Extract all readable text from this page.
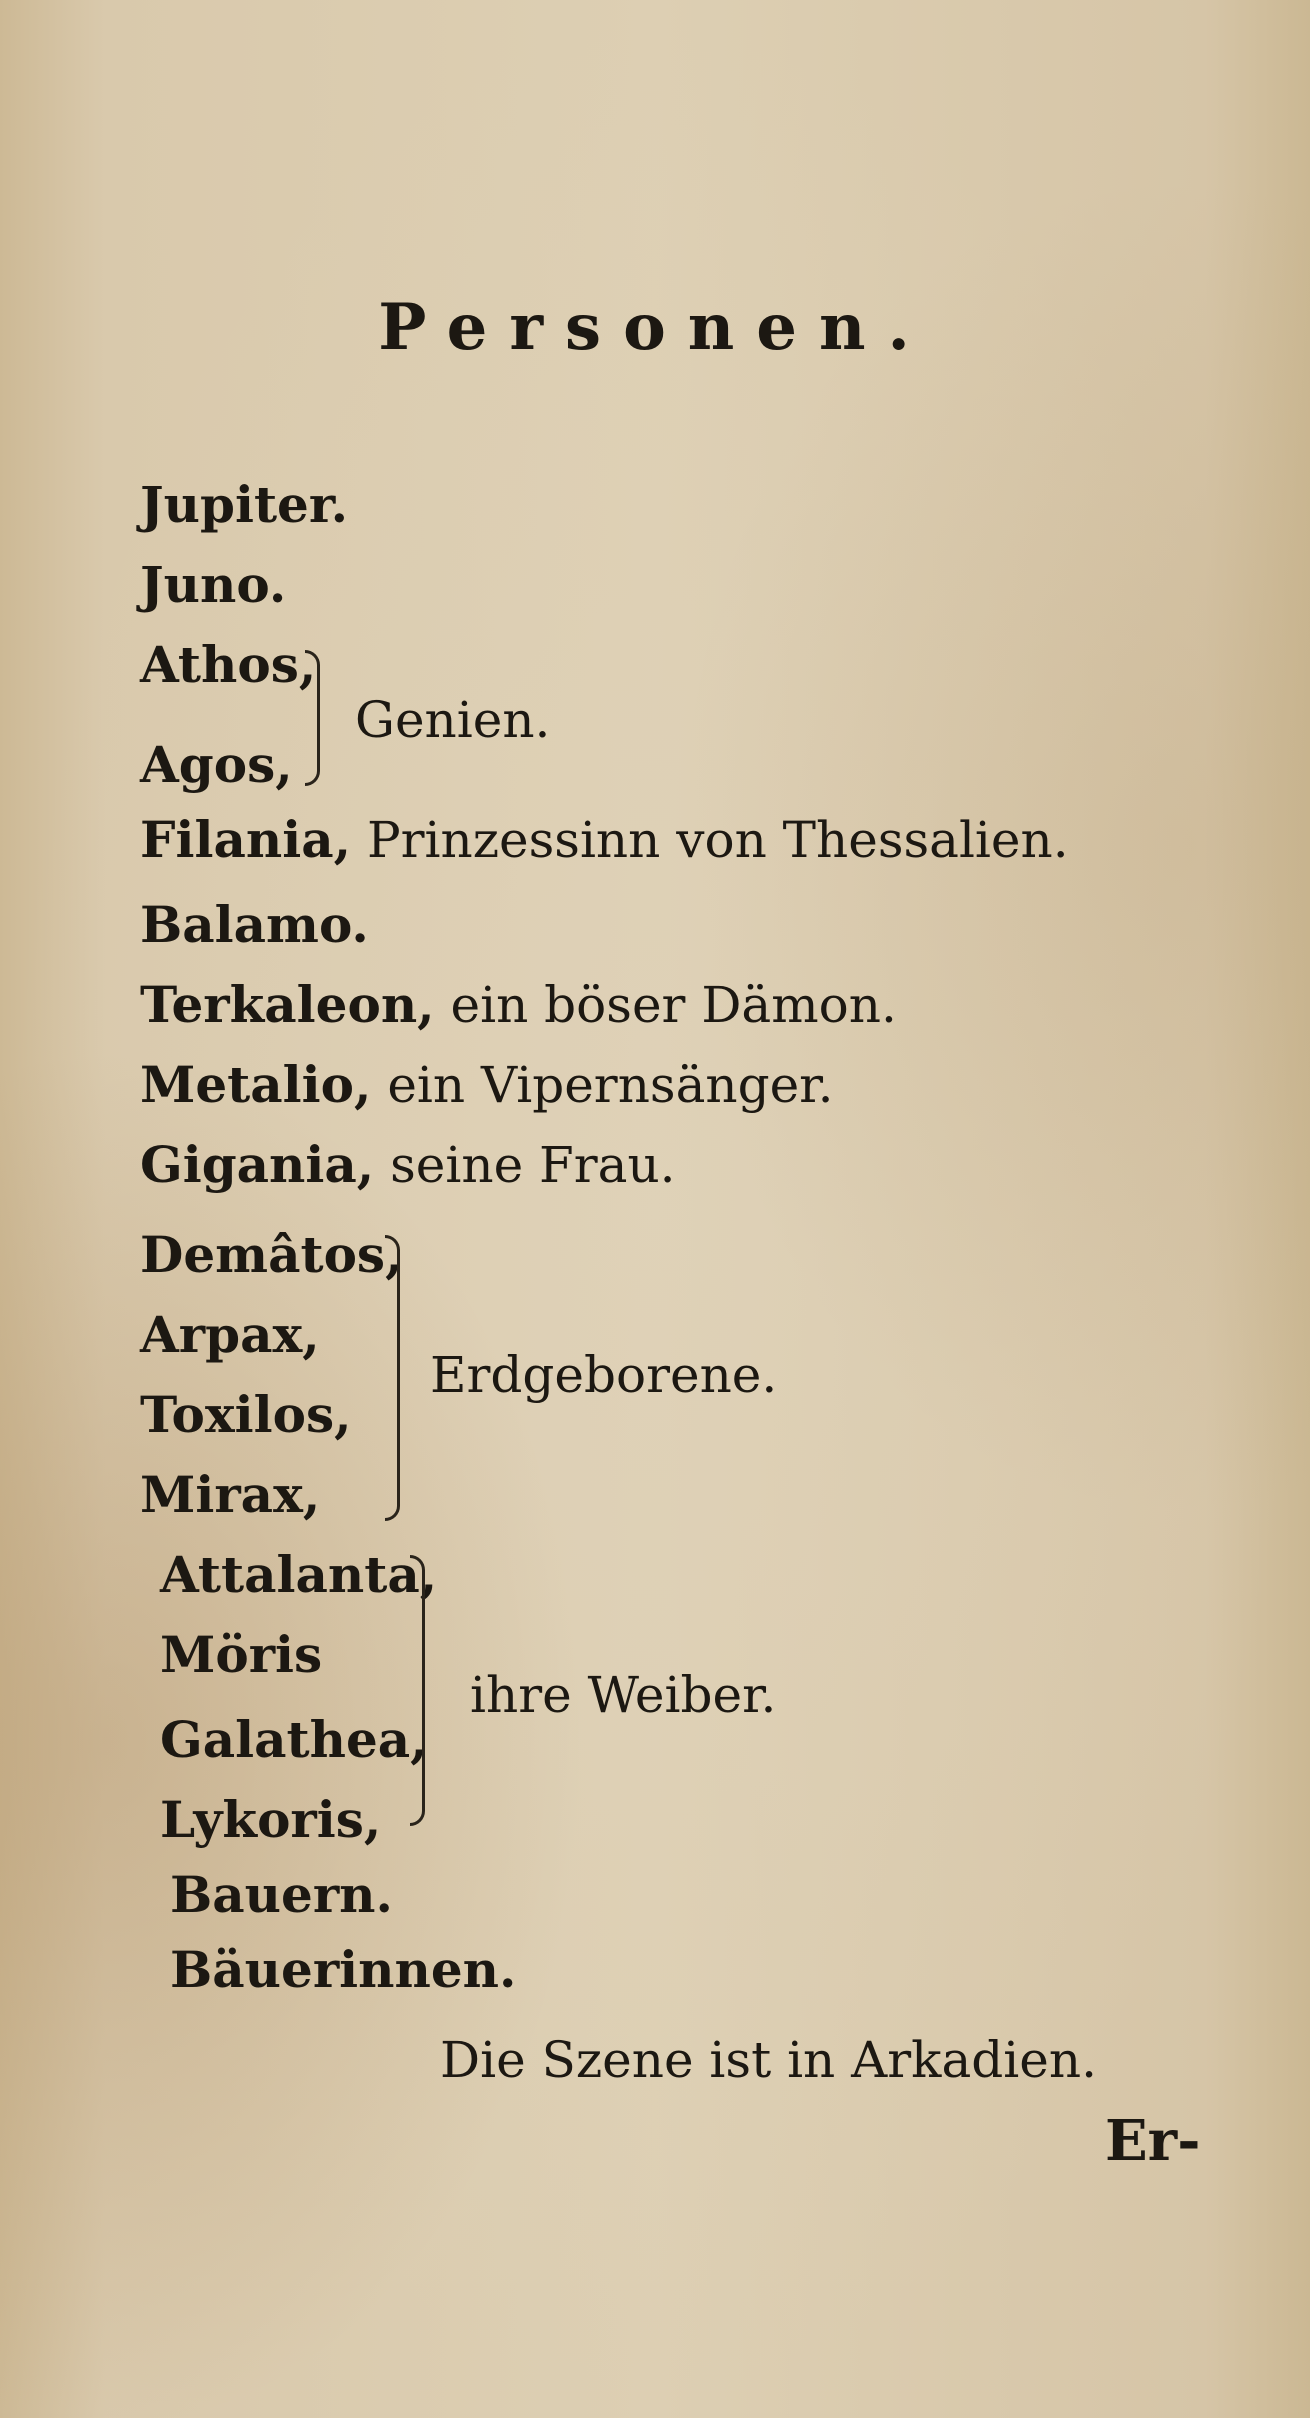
Personen.
Jupiter.
Juno.
Athos,
Agos,
Genien.
Filania, Prinzessinn von Thessalien.
Balamo.
Terkaleon, ein böser Dämon.
Metalio, ein Vipernsänger.
Gigania, seine Frau.
Demâtos,
Arpax,
Toxilos,
Mirax,
Erdgeborene.
Attalanta,
Möris
Galathea,
Lykoris,
ihre Weiber.
Bauern.
Bäuerinnen.
Die Szene ist in Arkadien.
Er-
